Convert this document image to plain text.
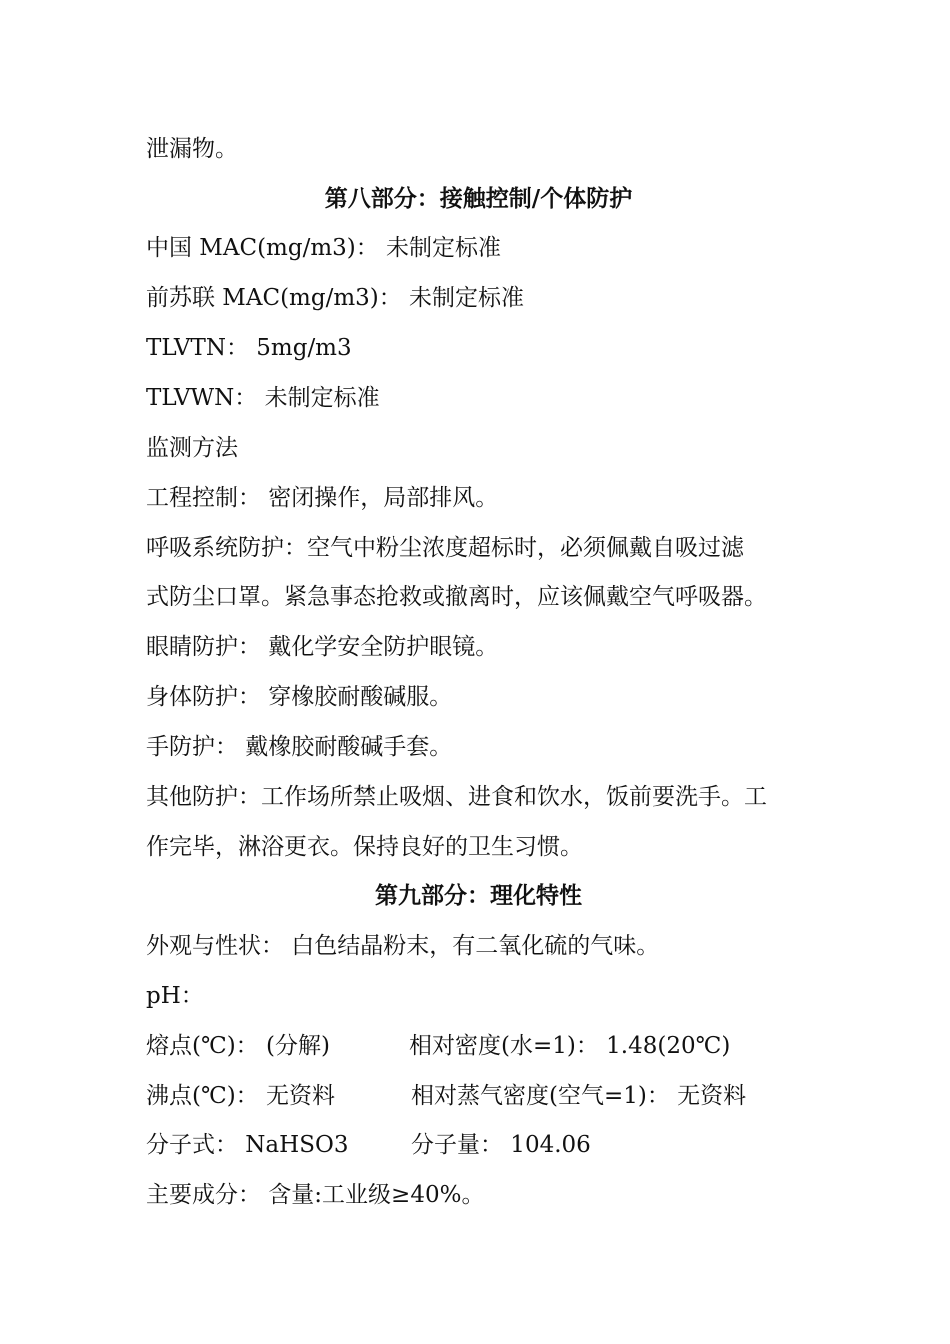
泄漏物。
第八部分：接触控制/个体防护
中国 MAC(mg/m3)： 未制定标准
前苏联 MAC(mg/m3)： 未制定标准
TLVTN： 5mg/m3
TLVWN： 未制定标准
监测方法
工程控制： 密闭操作，局部排风。
呼吸系统防护：空气中粉尘浓度超标时，必须佩戴自吸过滤
式防尘口罩。紧急事态抢救或撤离时，应该佩戴空气呼吸器。
眼睛防护： 戴化学安全防护眼镜。
身体防护： 穿橡胶耐酸碱服。
手防护： 戴橡胶耐酸碱手套。
其他防护：工作场所禁止吸烟、进食和饮水，饭前要洗手。工
作完毕，淋浴更衣。保持良好的卫生习惯。
第九部分：理化特性
外观与性状： 白色结晶粉末，有二氧化硫的气味。
pH：
熔点(℃)： (分解)	相对密度(水=1)： 1.48(20℃)
沸点(℃)： 无资料	相对蒸气密度(空气=1)： 无资料
分子式： NaHSO3	分子量： 104.06
主要成分： 含量:工业级≥40%。
